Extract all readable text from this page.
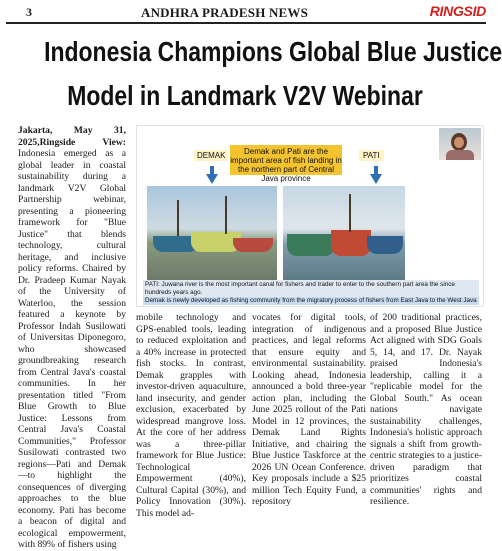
3	ANDHRA PRADESH NEWS	RINGSID
Indonesia Champions Global Blue Justice
Model in Landmark V2V Webinar
Jakarta, May 31, 2025,Ringside View: Indonesia emerged as a global leader in coastal sustainability during a landmark V2V Global Partnership webinar, presenting a pioneering framework for "Blue Justice" that blends technology, cultural heritage, and inclusive policy reforms. Chaired by Dr. Pradeep Kumar Nayak of the University of Waterloo, the session featured a keynote by Professor Indah Susilowati of Universitas Diponegoro, who showcased groundbreaking research from Central Java's coastal communities. In her presentation titled "From Blue Growth to Blue Justice: Lessons from Central Java's Coastal Communities," Professor Susilowati contrasted two regions—Pati and Demak—to highlight the consequences of diverging approaches to the blue economy. Pati has become a beacon of digital and ecological empowerment, with 89% of fishers using
DEMAK	Demak and Pati are the important area of fish landing in the northern part of Central Java province
PATI
PATI: Juwana river is the most important canal for fishers and trader to enter to the southern part area the since hundreds years ago.
Demak is newly developed as fishing community from the migratory process of fishers from East Java to the West Java
mobile technology and GPS-enabled tools, leading to reduced exploitation and a 40% increase in protected fish stocks. In contrast, Demak grapples with investor-driven aquaculture, land insecurity, and gender exclusion, exacerbated by widespread mangrove loss. At the core of her address was a three-pillar framework for Blue Justice: Technological Empowerment (40%), Cultural Capital (30%), and Policy Innovation (30%). This model ad-
vocates for digital tools, integration of indigenous practices, and legal reforms that ensure equity and environmental sustainability. Looking ahead, Indonesia announced a bold three-year action plan, including the June 2025 rollout of the Pati Model in 12 provinces, the Demak Land Rights Initiative, and chairing the Blue Justice Taskforce at the 2026 UN Ocean Conference. Key proposals include a $25 million Tech Equity Fund, a repository
of 200 traditional practices, and a proposed Blue Justice Act aligned with SDG Goals 5, 14, and 17. Dr. Nayak praised Indonesia's leadership, calling it a "replicable model for the Global South." As ocean nations navigate sustainability challenges, Indonesia's holistic approach signals a shift from growth-centric strategies to a justice-driven paradigm that prioritizes coastal communities' rights and resilience.
